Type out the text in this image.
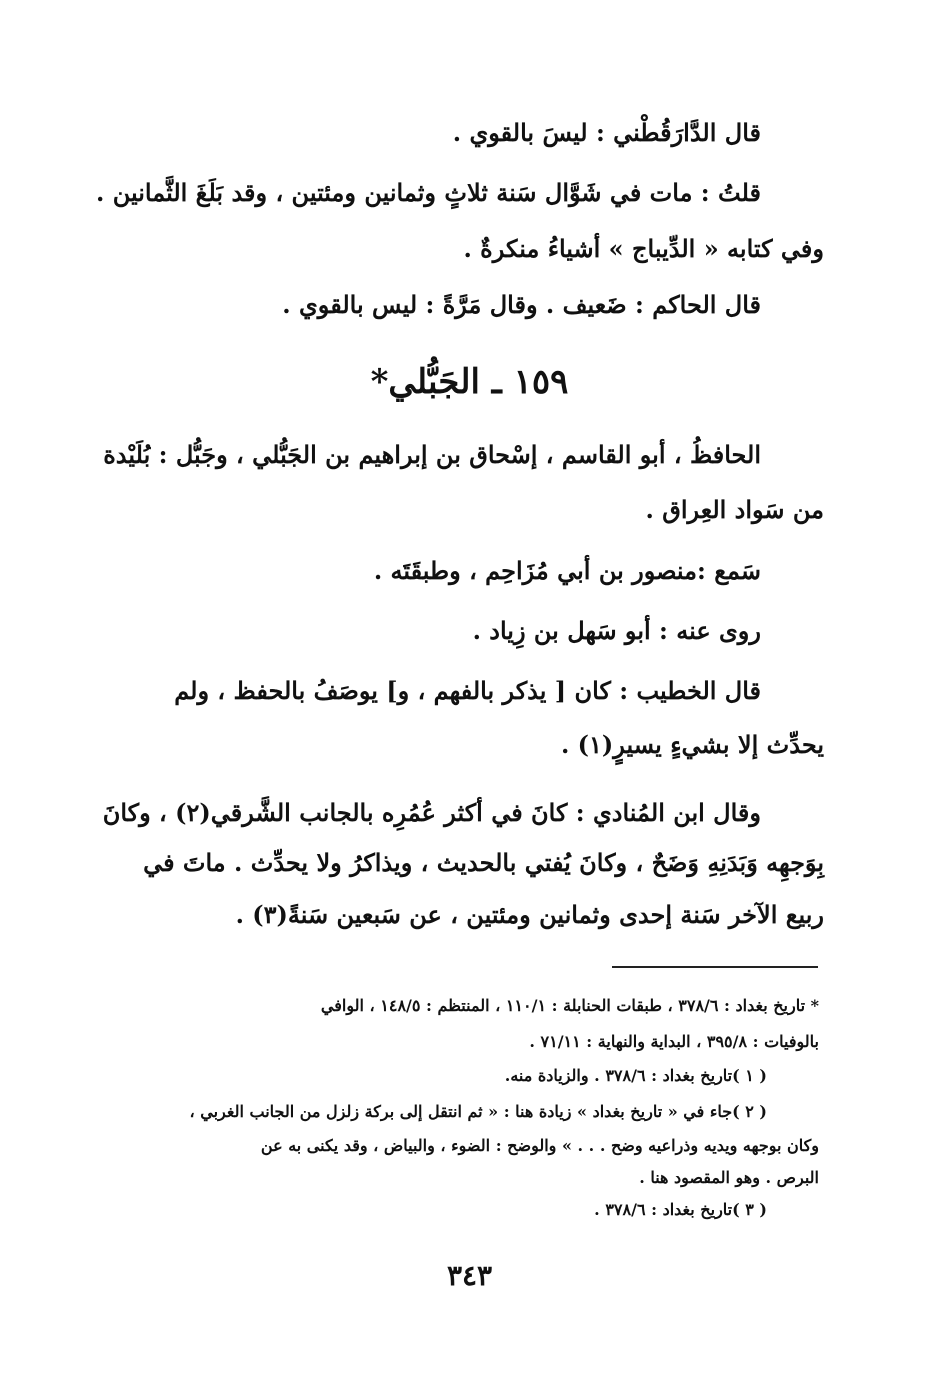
قال الدَّارَقُطْني : ليسَ بالقوي .
قلتُ : مات في شَوَّال سَنة ثلاثٍ وثمانين ومئتين ، وقد بَلَغَ الثَّمانين .
وفي كتابه « الدِّيباج » أشياءُ منكرةٌ .
قال الحاكم : ضَعيف . وقال مَرَّةً : ليس بالقوي .
١٥٩ ـ الجَبُّلي*
الحافظُ ، أبو القاسم ، إسْحاق بن إبراهيم بن الجَبُّلي ، وجَبُّل : بُلَيْدة
من سَواد العِراق .
سَمع :منصور بن أبي مُزَاحِم ، وطبقَتَه .
روى عنه : أبو سَهل بن زِياد .
قال الخطيب : كان [ يذكر بالفهم ، و] يوصَفُ بالحفظ ، ولم
يحدِّث إلا بشيءٍ يسيرٍ(١) .
وقال ابن المُنادي : كانَ في أكثر عُمُرِه بالجانب الشَّرقي(٢) ، وكانَ
بِوَجهِه وَبَدَنِهِ وَضَحٌ ، وكانَ يُفتي بالحديث ، ويذاكرُ ولا يحدِّث . ماتَ في
ربيع الآخر سَنة إحدى وثمانين ومئتين ، عن سَبعين سَنةً(٣) .
* تاريخ بغداد : ٣٧٨/٦ ، طبقات الحنابلة : ١١٠/١ ، المنتظم : ١٤٨/٥ ، الوافي
بالوفيات : ٣٩٥/٨ ، البداية والنهاية : ٧١/١١ .
( ١ )تاريخ بغداد : ٣٧٨/٦ . والزيادة منه.
( ٢ )جاء في « تاريخ بغداد » زيادة هنا : « ثم انتقل إلى بركة زلزل من الجانب الغربي ،
وكان بوجهه ويديه وذراعيه وضح . . . » والوضح : الضوء ، والبياض ، وقد يكنى به عن
البرص . وهو المقصود هنا .
( ٣ )تاريخ بغداد : ٣٧٨/٦ .
٣٤٣
